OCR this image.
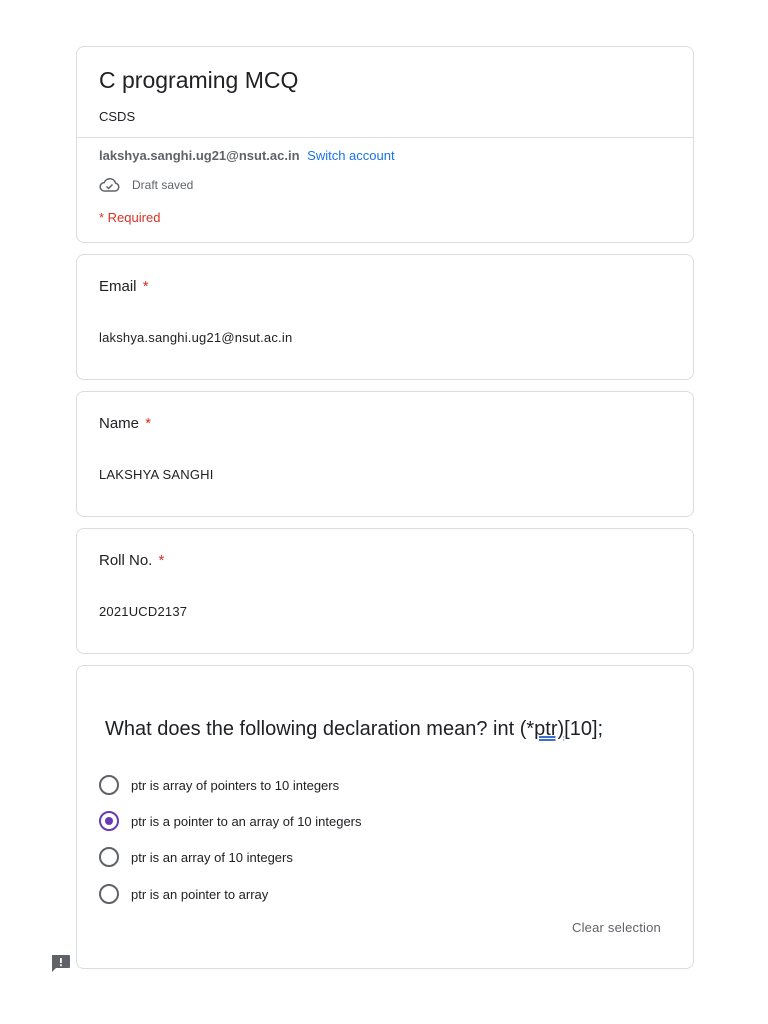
C programing MCQ
CSDS
lakshya.sanghi.ug21@nsut.ac.in Switch account
Draft saved
* Required
Email *
lakshya.sanghi.ug21@nsut.ac.in
Name *
LAKSHYA SANGHI
Roll No. *
2021UCD2137
What does the following declaration mean? int (*ptr)[10];
ptr is array of pointers to 10 integers
ptr is a pointer to an array of 10 integers
ptr is an array of 10 integers
ptr is an pointer to array
Clear selection
